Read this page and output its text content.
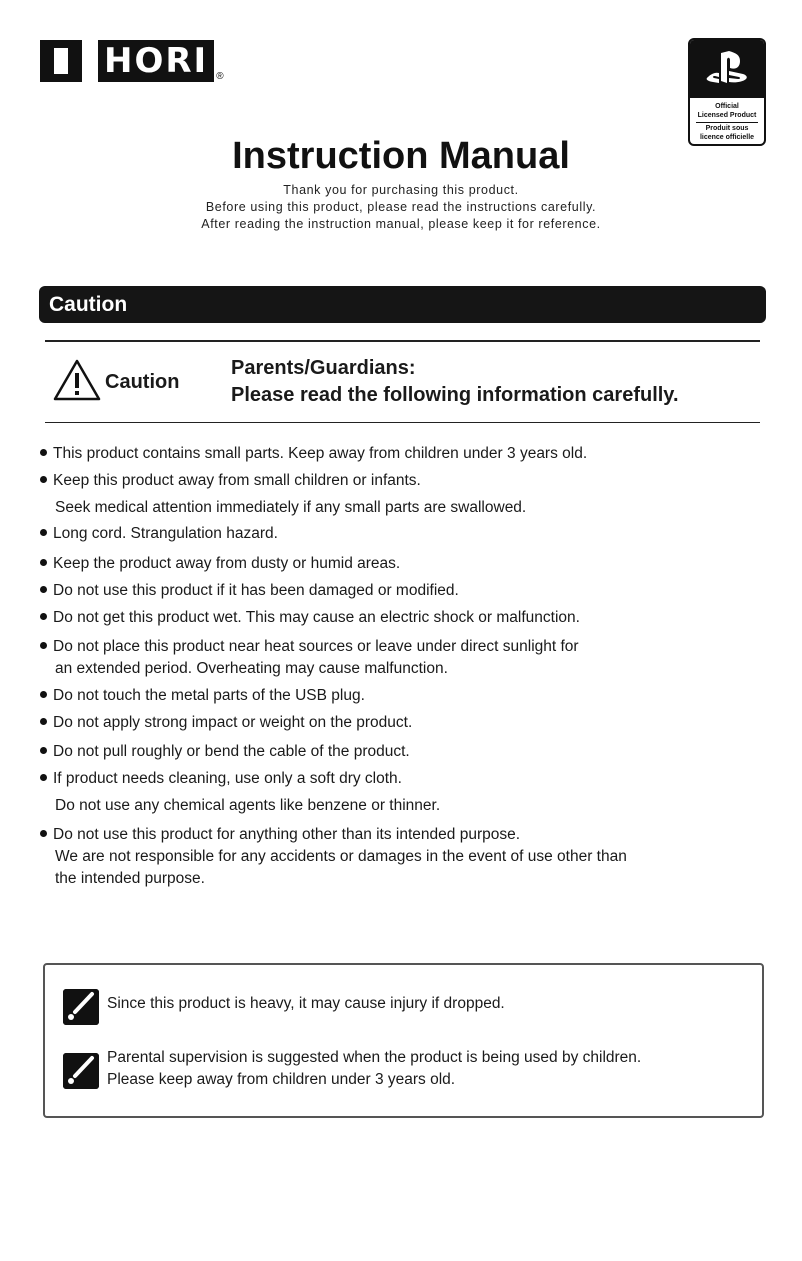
HORI ®
Official
Licensed Product
Produit sous
licence officielle
Instruction Manual
Thank you for purchasing this product.
Before using this product, please read the instructions carefully.
After reading the instruction manual, please keep it for reference.
Caution
Caution
Parents/Guardians:
Please read the following information carefully.
This product contains small parts. Keep away from children under 3 years old.
Keep this product away from small children or infants.
Seek medical attention immediately if any small parts are swallowed.
Long cord. Strangulation hazard.
Keep the product away from dusty or humid areas.
Do not use this product if it has been damaged or modified.
Do not get this product wet. This may cause an electric shock or malfunction.
Do not place this product near heat sources or leave under direct sunlight for
an extended period. Overheating may cause malfunction.
Do not touch the metal parts of the USB plug.
Do not apply strong impact or weight on the product.
Do not pull roughly or bend the cable of the product.
If product needs cleaning, use only a soft dry cloth.
Do not use any chemical agents like benzene or thinner.
Do not use this product for anything other than its intended purpose.
We are not responsible for any accidents or damages in the event of use other than
the intended purpose.
Since this product is heavy, it may cause injury if dropped.
Parental supervision is suggested when the product is being used by children.
Please keep away from children under 3 years old.
